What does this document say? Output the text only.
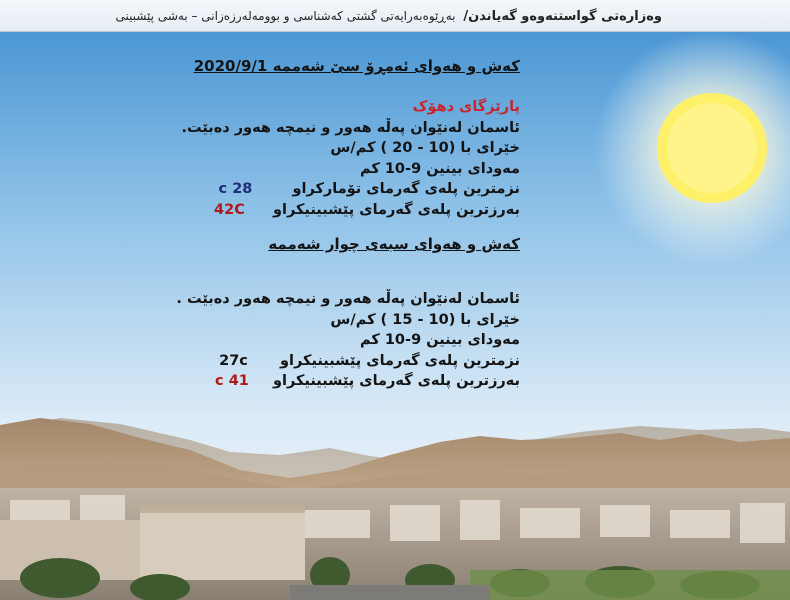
وەزارەتی گواستنەوەو گەیاندن/ بەڕێوەبەرایەتی گشتی کەشناسی و بوومەلەرزەزانی – بەشی پێشبینی
کەش و هەوای ئەمڕۆ سێ شەممە 2020/9/1
پارێزگای دهۆک
ئاسمان لەنێوان پەڵە هەور و نیمچە هەور دەبێت.
خێرای با (10 - 20 ) کم/س
مەودای بینین 9-10 کم
نزمترین پلەی گەرمای تۆمارکراو  28 c
بەرزترین پلەی گەرمای پێشبینیکراو  42C
کەش و هەوای سبەی چوار شەممە
ئاسمان لەنێوان پەڵە هەور و نیمچە هەور دەبێت .
خێرای با (10 - 15 ) کم/س
مەودای بینین 9-10 کم
نزمترین پلەی گەرمای پێشبینیکراو  27c
بەرزترین پلەی گەرمای پێشبینیکراو  41 c
